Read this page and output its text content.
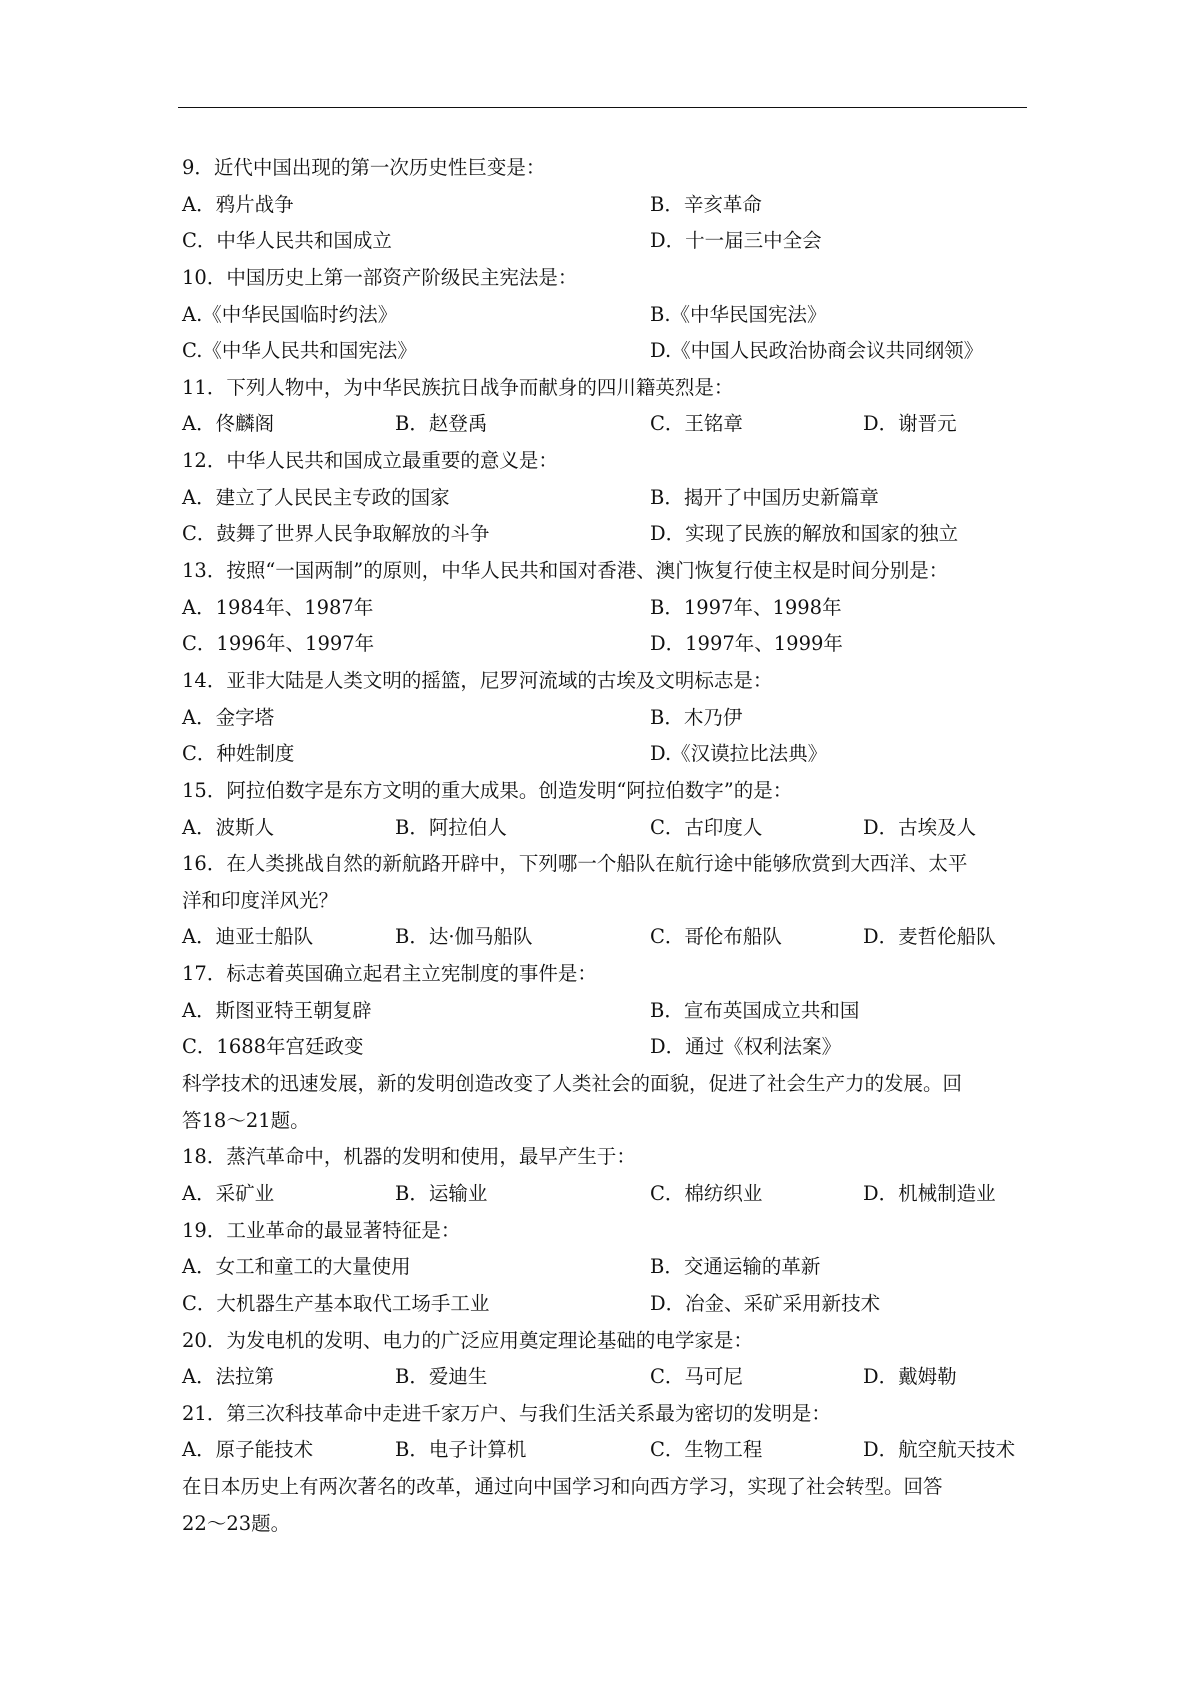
9．近代中国出现的第一次历史性巨变是：
A．鸦片战争	B．辛亥革命
C．中华人民共和国成立	D．十一届三中全会
10．中国历史上第一部资产阶级民主宪法是：
A.《中华民国临时约法》	B.《中华民国宪法》
C.《中华人民共和国宪法》	D.《中国人民政治协商会议共同纲领》
11．下列人物中，为中华民族抗日战争而献身的四川籍英烈是：
A．佟麟阁	B．赵登禹	C．王铭章	D．谢晋元
12．中华人民共和国成立最重要的意义是：
A．建立了人民民主专政的国家	B．揭开了中国历史新篇章
C．鼓舞了世界人民争取解放的斗争	D．实现了民族的解放和国家的独立
13．按照“一国两制”的原则，中华人民共和国对香港、澳门恢复行使主权是时间分别是：
A．1984年、1987年	B．1997年、1998年
C．1996年、1997年	D．1997年、1999年
14．亚非大陆是人类文明的摇篮，尼罗河流域的古埃及文明标志是：
A．金字塔	B．木乃伊
C．种姓制度	D.《汉谟拉比法典》
15．阿拉伯数字是东方文明的重大成果。创造发明“阿拉伯数字”的是：
A．波斯人	B．阿拉伯人	C．古印度人	D．古埃及人
16．在人类挑战自然的新航路开辟中，下列哪一个船队在航行途中能够欣赏到大西洋、太平
洋和印度洋风光？
A．迪亚士船队	B．达·伽马船队	C．哥伦布船队	D．麦哲伦船队
17．标志着英国确立起君主立宪制度的事件是：
A．斯图亚特王朝复辟	B．宣布英国成立共和国
C．1688年宫廷政变	D．通过《权利法案》
科学技术的迅速发展，新的发明创造改变了人类社会的面貌，促进了社会生产力的发展。回
答18～21题。
18．蒸汽革命中，机器的发明和使用，最早产生于：
A．采矿业	B．运输业	C．棉纺织业	D．机械制造业
19．工业革命的最显著特征是：
A．女工和童工的大量使用	B．交通运输的革新
C．大机器生产基本取代工场手工业	D．冶金、采矿采用新技术
20．为发电机的发明、电力的广泛应用奠定理论基础的电学家是：
A．法拉第	B．爱迪生	C．马可尼	D．戴姆勒
21．第三次科技革命中走进千家万户、与我们生活关系最为密切的发明是：
A．原子能技术	B．电子计算机	C．生物工程	D．航空航天技术
在日本历史上有两次著名的改革，通过向中国学习和向西方学习，实现了社会转型。回答
22～23题。
